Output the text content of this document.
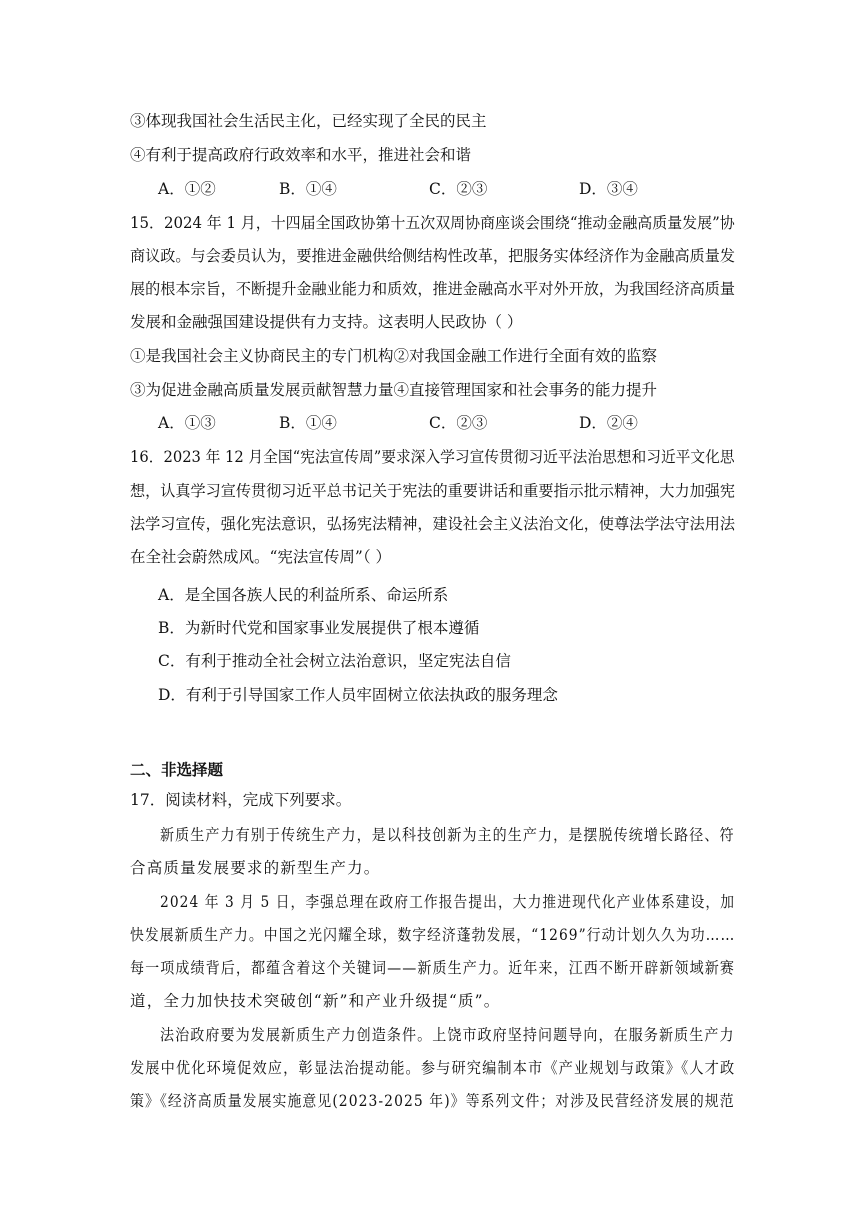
③体现我国社会生活民主化，已经实现了全民的民主
④有利于提高政府行政效率和水平，推进社会和谐
A．①②	B．①④	C．②③	D．③④
15．2024 年 1 月，十四届全国政协第十五次双周协商座谈会围绕“推动金融高质量发展”协
商议政。与会委员认为，要推进金融供给侧结构性改革，把服务实体经济作为金融高质量发
展的根本宗旨，不断提升金融业能力和质效，推进金融高水平对外开放，为我国经济高质量
发展和金融强国建设提供有力支持。这表明人民政协（ ）
①是我国社会主义协商民主的专门机构②对我国金融工作进行全面有效的监察
③为促进金融高质量发展贡献智慧力量④直接管理国家和社会事务的能力提升
A．①③	B．①④	C．②③	D．②④
16．2023 年 12 月全国“宪法宣传周”要求深入学习宣传贯彻习近平法治思想和习近平文化思
想，认真学习宣传贯彻习近平总书记关于宪法的重要讲话和重要指示批示精神，大力加强宪
法学习宣传，强化宪法意识，弘扬宪法精神，建设社会主义法治文化，使尊法学法守法用法
在全社会蔚然成风。“宪法宣传周”（ ）
A．是全国各族人民的利益所系、命运所系
B．为新时代党和国家事业发展提供了根本遵循
C．有利于推动全社会树立法治意识，坚定宪法自信
D．有利于引导国家工作人员牢固树立依法执政的服务理念
二、非选择题
17．阅读材料，完成下列要求。
新质生产力有别于传统生产力，是以科技创新为主的生产力，是摆脱传统增长路径、符
合高质量发展要求的新型生产力。
2024 年 3 月 5 日，李强总理在政府工作报告提出，大力推进现代化产业体系建设，加
快发展新质生产力。中国之光闪耀全球，数字经济蓬勃发展，“1269”行动计划久久为功……
每一项成绩背后，都蕴含着这个关键词——新质生产力。近年来，江西不断开辟新领域新赛
道，全力加快技术突破创“新”和产业升级提“质”。
法治政府要为发展新质生产力创造条件。上饶市政府坚持问题导向，在服务新质生产力
发展中优化环境促效应，彰显法治提动能。参与研究编制本市《产业规划与政策》《人才政
策》《经济高质量发展实施意见(2023-2025 年)》等系列文件；对涉及民营经济发展的规范
